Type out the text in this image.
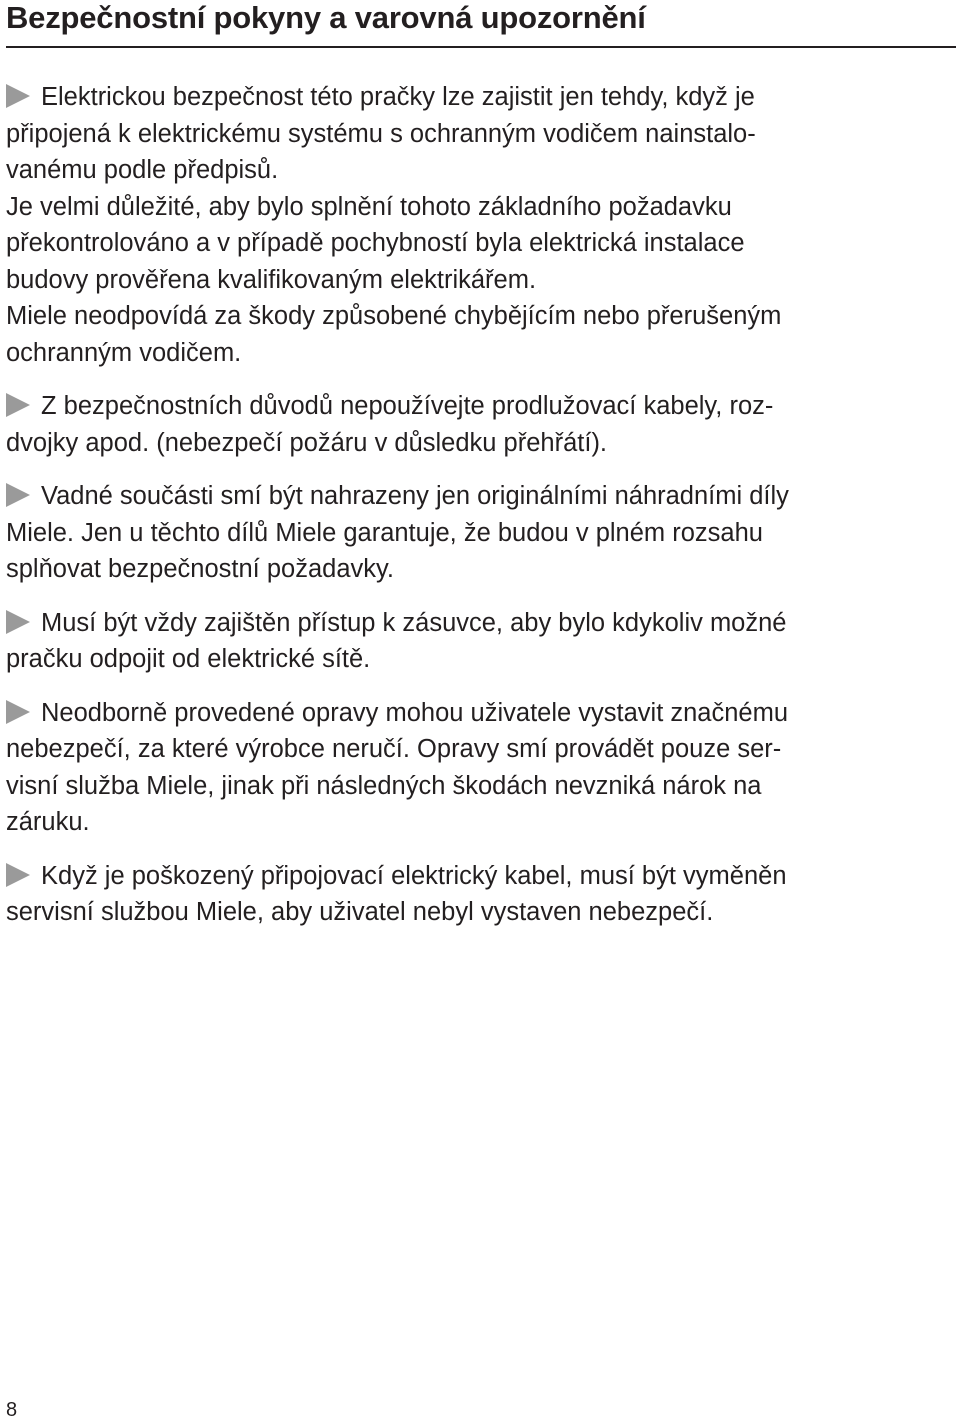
Bezpečnostní pokyny a varovná upozornění

Elektrickou bezpečnost této pračky lze zajistit jen tehdy, když je
připojená k elektrickému systému s ochranným vodičem nainstalo-
vanému podle předpisů.

Je velmi důležité, aby bylo splnění tohoto základního požadavku
překontrolováno a v případě pochybností byla elektrická instalace
budovy prověřena kvalifikovaným elektrikářem.

Miele neodpovídá za škody způsobené chybějícím nebo přerušeným
ochranným vodičem.

Z bezpečnostních důvodů nepoužívejte prodlužovací kabely, roz-
dvojky apod. (nebezpečí požáru v důsledku přehřátí).

Vadné součásti smí být nahrazeny jen originálními náhradními díly
Miele. Jen u těchto dílů Miele garantuje, že budou v plném rozsahu
splňovat bezpečnostní požadavky.

Musí být vždy zajištěn přístup k zásuvce, aby bylo kdykoliv možné
pračku odpojit od elektrické sítě.

Neodborně provedené opravy mohou uživatele vystavit značnému
nebezpečí, za které výrobce neručí. Opravy smí provádět pouze ser-
visní služba Miele, jinak při následných škodách nevzniká nárok na
záruku.

Když je poškozený připojovací elektrický kabel, musí být vyměněn
servisní službou Miele, aby uživatel nebyl vystaven nebezpečí.

8
